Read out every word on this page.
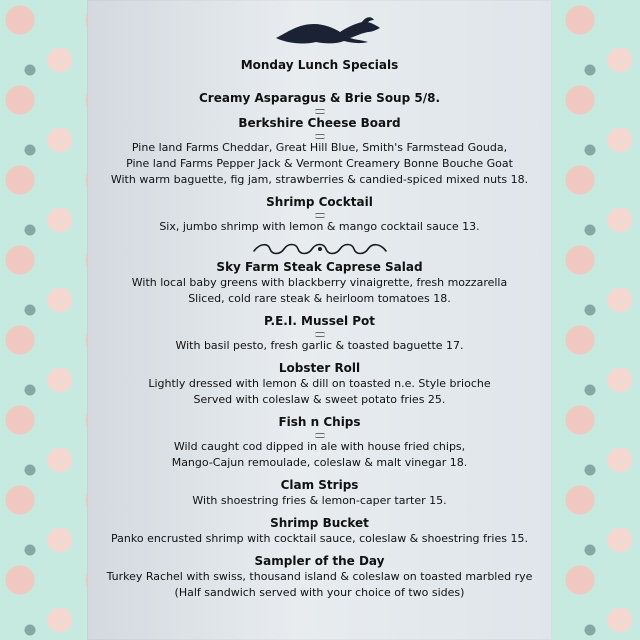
Monday Lunch Specials

Creamy Asparagus & Brie Soup 5/8.

Berkshire Cheese Board

Pine land Farms Cheddar, Great Hill Blue, Smith's Farmstead Gouda,

Pine land Farms Pepper Jack & Vermont Creamery Bonne Bouche Goat

With warm baguette, fig jam, strawberries & candied-spiced mixed nuts 18.

Shrimp Cocktail

Six, jumbo shrimp with lemon & mango cocktail sauce 13.

Sky Farm Steak Caprese Salad

With local baby greens with blackberry vinaigrette, fresh mozzarella

Sliced, cold rare steak & heirloom tomatoes 18.

P.E.I. Mussel Pot

With basil pesto, fresh garlic & toasted baguette 17.

Lobster Roll

Lightly dressed with lemon & dill on toasted n.e. Style brioche

Served with coleslaw & sweet potato fries 25.

Fish n Chips

Wild caught cod dipped in ale with house fried chips,

Mango-Cajun remoulade, coleslaw & malt vinegar 18.

Clam Strips

With shoestring fries & lemon-caper tarter 15.

Shrimp Bucket

Panko encrusted shrimp with cocktail sauce, coleslaw & shoestring fries 15.

Sampler of the Day

Turkey Rachel with swiss, thousand island & coleslaw on toasted marbled rye

(Half sandwich served with your choice of two sides)
